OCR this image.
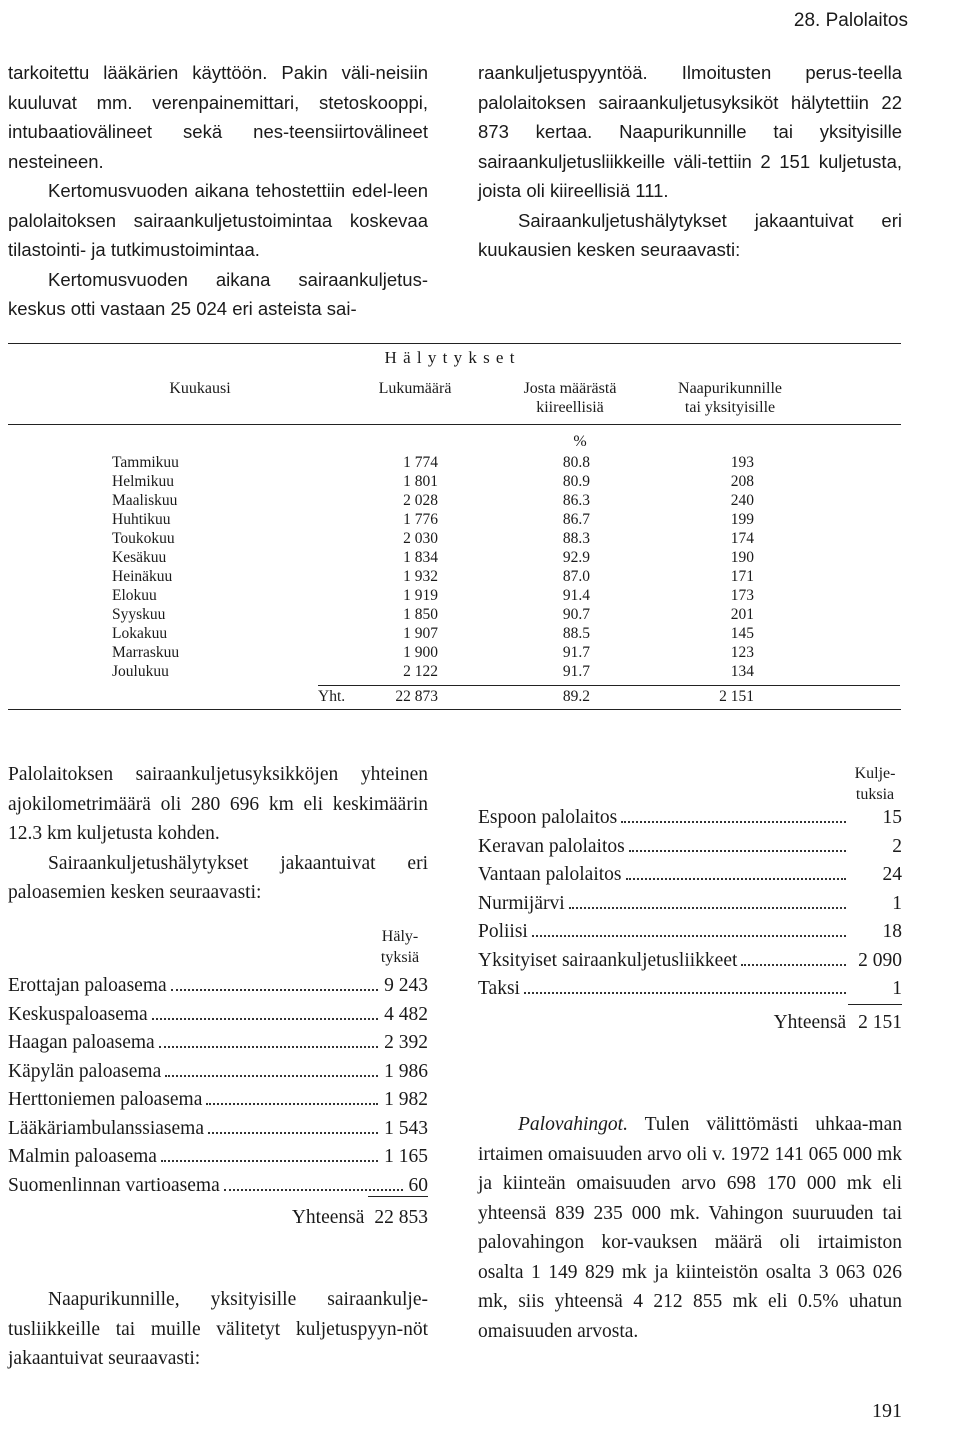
28. Palolaitos

tarkoitettu lääkärien käyttöön. Pakin väli-neisiin kuuluvat mm. verenpainemittari, stetoskooppi, intubaatiovälineet sekä nes-teensiirtovälineet nesteineen.

Kertomusvuoden aikana tehostettiin edel-leen palolaitoksen sairaankuljetustoimintaa koskevaa tilastointi- ja tutkimustoimintaa.

Kertomusvuoden aikana sairaankuljetus-keskus otti vastaan 25 024 eri asteista sai-

raankuljetuspyyntöä. Ilmoitusten perus-teella palolaitoksen sairaankuljetusyksiköt hälytettiin 22 873 kertaa. Naapurikunnille tai yksityisille sairaankuljetusliikkeille väli-tettiin 2 151 kuljetusta, joista oli kiireellisiä 111.

Sairaankuljetushälytykset jakaantuivat eri kuukausien kesken seuraavasti:

H ä l y t y k s e t
Kuukausi	Lukumäärä	Josta määrästä
kiireellisiä
Naapurikunnille
tai yksityisille
%
Tammikuu	1 774	80.8	193
Helmikuu	1 801	80.9	208
Maaliskuu	2 028	86.3	240
Huhtikuu	1 776	86.7	199
Toukokuu	2 030	88.3	174
Kesäkuu	1 834	92.9	190
Heinäkuu	1 932	87.0	171
Elokuu	1 919	91.4	173
Syyskuu	1 850	90.7	201
Lokakuu	1 907	88.5	145
Marraskuu	1 900	91.7	123
Joulukuu	2 122	91.7	134
Yht.	22 873	89.2	2 151

Palolaitoksen sairaankuljetusyksikköjen yhteinen ajokilometrimäärä oli 280 696 km eli keskimäärin 12.3 km kuljetusta kohden.

Sairaankuljetushälytykset jakaantuivat eri paloasemien kesken seuraavasti:

Häly-
tyksiä
Erottajan paloasema	9 243
Keskuspaloasema	4 482
Haagan paloasema	2 392
Käpylän paloasema	1 986
Herttoniemen paloasema	1 982
Lääkäriambulanssiasema	1 543
Malmin paloasema	1 165
Suomenlinnan vartioasema	60
Yhteensä 22 853

Naapurikunnille, yksityisille sairaankulje-tusliikkeille tai muille välitetyt kuljetuspyyn-nöt jakaantuivat seuraavasti:

Kulje-
tuksia
Espoon palolaitos	15
Keravan palolaitos	2
Vantaan palolaitos	24
Nurmijärvi	1
Poliisi	18
Yksityiset sairaankuljetusliikkeet	2 090
Taksi	1
Yhteensä 2 151

Palovahingot. Tulen välittömästi uhkaa-man irtaimen omaisuuden arvo oli v. 1972 141 065 000 mk ja kiinteän omaisuuden arvo 698 170 000 mk eli yhteensä 839 235 000 mk. Vahingon suuruuden tai palovahingon kor-vauksen määrä oli irtaimiston osalta 1 149 829 mk ja kiinteistön osalta 3 063 026 mk, siis yhteensä 4 212 855 mk eli 0.5% uhatun omaisuuden arvosta.

191
